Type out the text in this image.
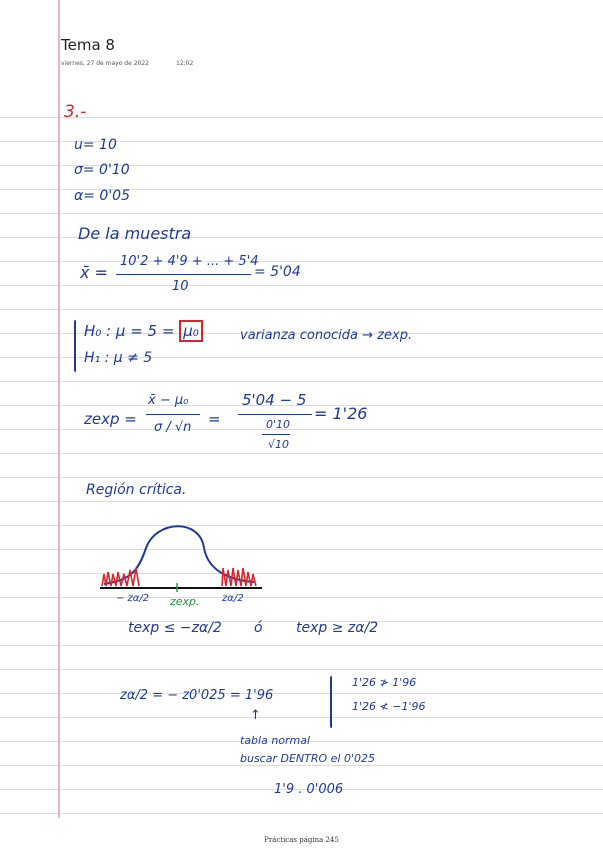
Tema 8
viernes, 27 de mayo de 2022	12:02
3.-
u= 10
σ= 0'10
α= 0'05
De la muestra
x̄ =
10'2 + 4'9 + ... + 5'4
10
= 5'04
H₀ : μ = 5 = μ₀
H₁ : μ ≠ 5
varianza conocida → zexp.
zexp =
x̄ − μ₀
σ / √n =
5'04 − 5
0'10
√10
= 1'26
Región crítica.
− zα/2 zexp. zα/2
texp ≤ −zα/2 ó texp ≥ zα/2
zα/2 = − z0'025 = 1'96
1'26 ≯ 1'96
1'26 ≮ −1'96
↑
tabla normal
buscar DENTRO el 0'025
1'9 . 0'006
Prácticas página 245
